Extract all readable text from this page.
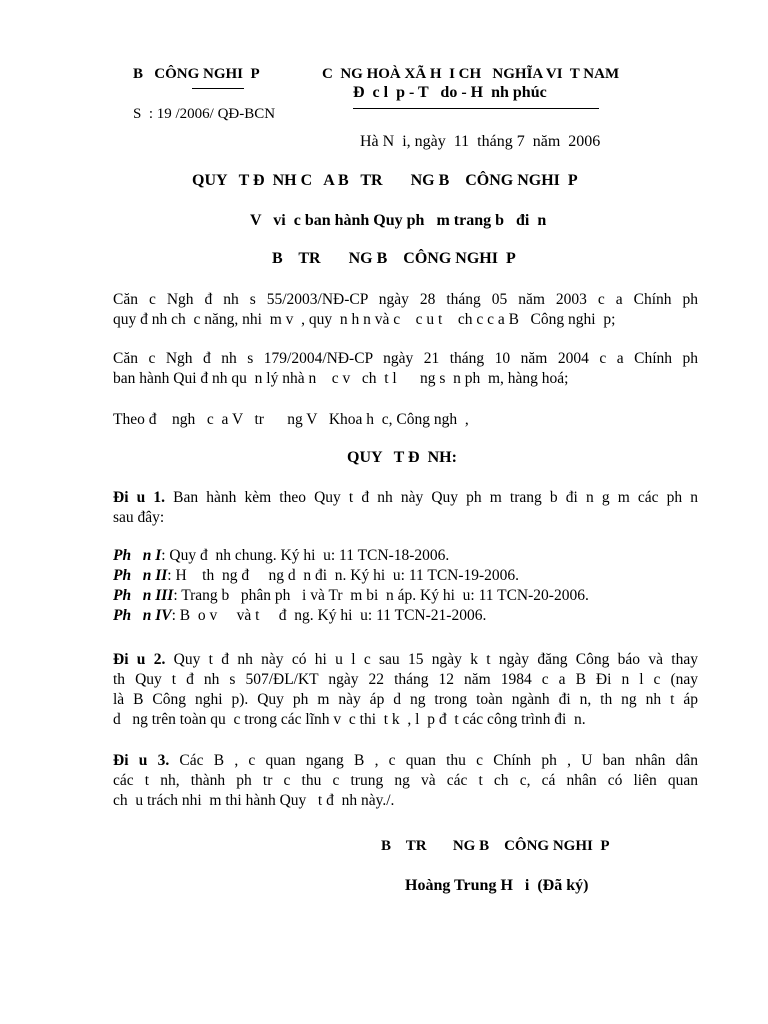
B   CÔNG NGHI  P	C  NG HOÀ XÃ H  I CH   NGHĨA VI  T NAM
Đ  c l  p - T   do - H  nh phúc
S  : 19 /2006/ QĐ-BCN
Hà N  i, ngày  11  tháng 7  năm  2006
QUY   T Đ  NH C   A B   TR       NG B    CÔNG NGHI  P
V   vi  c ban hành Quy ph   m trang b   đi  n
B    TR       NG B    CÔNG NGHI  P
Căn c Ngh đ nh s 55/2003/NĐ-CP ngày 28 tháng 05 năm 2003 c a Chính ph
quy đ nh ch  c năng, nhi  m v  , quy  n h n và c    c u t    ch c c a B   Công nghi  p;
Căn c Ngh đ nh s 179/2004/NĐ-CP ngày 21 tháng 10 năm 2004 c a Chính ph
ban hành Qui đ nh qu  n lý nhà n    c v   ch  t l      ng s  n ph  m, hàng hoá;
Theo đ    ngh   c  a V   tr      ng V   Khoa h  c, Công ngh  ,
QUY   T Đ  NH:
Đi u 1. Ban hành kèm theo Quy t đ nh này Quy ph m trang b đi n g m các ph n
sau đây:
Ph   n I: Quy đ  nh chung. Ký hi  u: 11 TCN-18-2006.
Ph   n II: H    th  ng đ     ng d  n đi  n. Ký hi  u: 11 TCN-19-2006.
Ph   n III: Trang b   phân ph   i và Tr  m bi  n áp. Ký hi  u: 11 TCN-20-2006.
Ph   n IV: B  o v     và t     đ  ng. Ký hi  u: 11 TCN-21-2006.
Đi u 2. Quy t đ nh này có hi u l c sau 15 ngày k t ngày đăng Công báo và thay
th Quy t đ nh s 507/ĐL/KT ngày 22 tháng 12 năm 1984 c a B Đi n l c (nay
là B Công nghi p). Quy ph m này áp d ng trong toàn ngành đi n, th ng nh t áp
d   ng trên toàn qu  c trong các lĩnh v  c thi  t k  , l  p đ  t các công trình đi  n.
Đi u 3. Các B , c quan ngang B , c quan thu c Chính ph , U ban nhân dân
các t nh, thành ph tr c thu c trung ng và các t ch c, cá nhân có liên quan
ch  u trách nhi  m thi hành Quy   t đ  nh này./.
B    TR       NG B    CÔNG NGHI  P
Hoàng Trung H   i  (Đã ký)
